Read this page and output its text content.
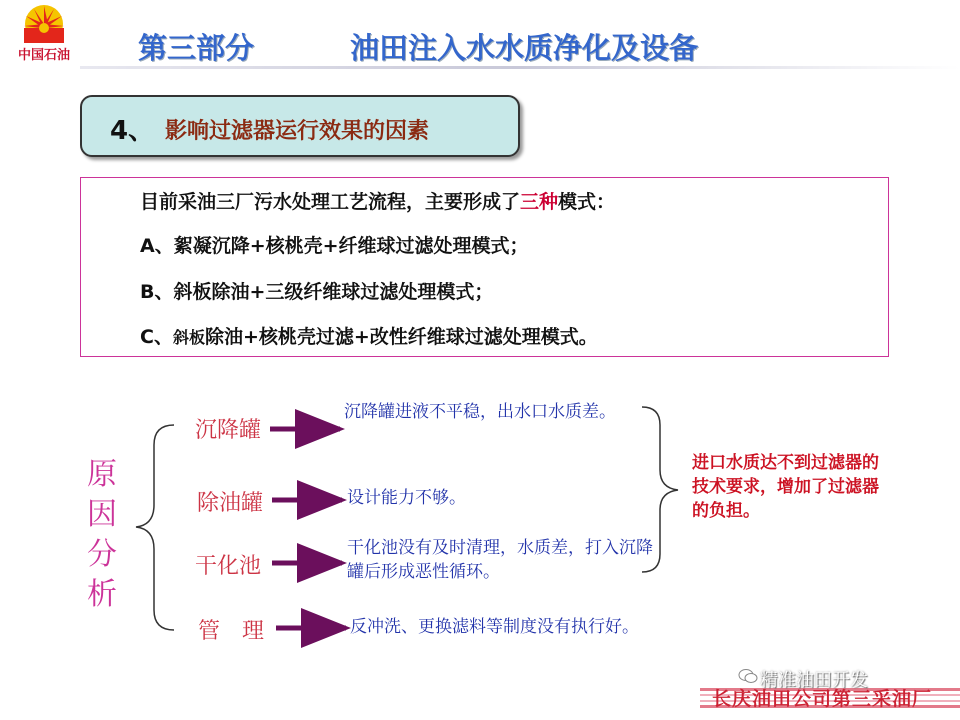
中国石油	第三部分	油田注入水水质净化及设备
4、 影响过滤器运行效果的因素
目前采油三厂污水处理工艺流程，主要形成了三种模式：
A、絮凝沉降+核桃壳+纤维球过滤处理模式；
B、斜板除油+三级纤维球过滤处理模式；
C、斜板除油+核桃壳过滤+改性纤维球过滤处理模式。
原因分析
沉降罐
除油罐
干化池
管　理
沉降罐进液不平稳，出水口水质差。
设计能力不够。
干化池没有及时清理，水质差，打入沉降罐后形成恶性循环。
反冲洗、更换滤料等制度没有执行好。
进口水质达不到过滤器的技术要求，增加了过滤器的负担。
精准油田开发
长庆油田公司第三采油厂
